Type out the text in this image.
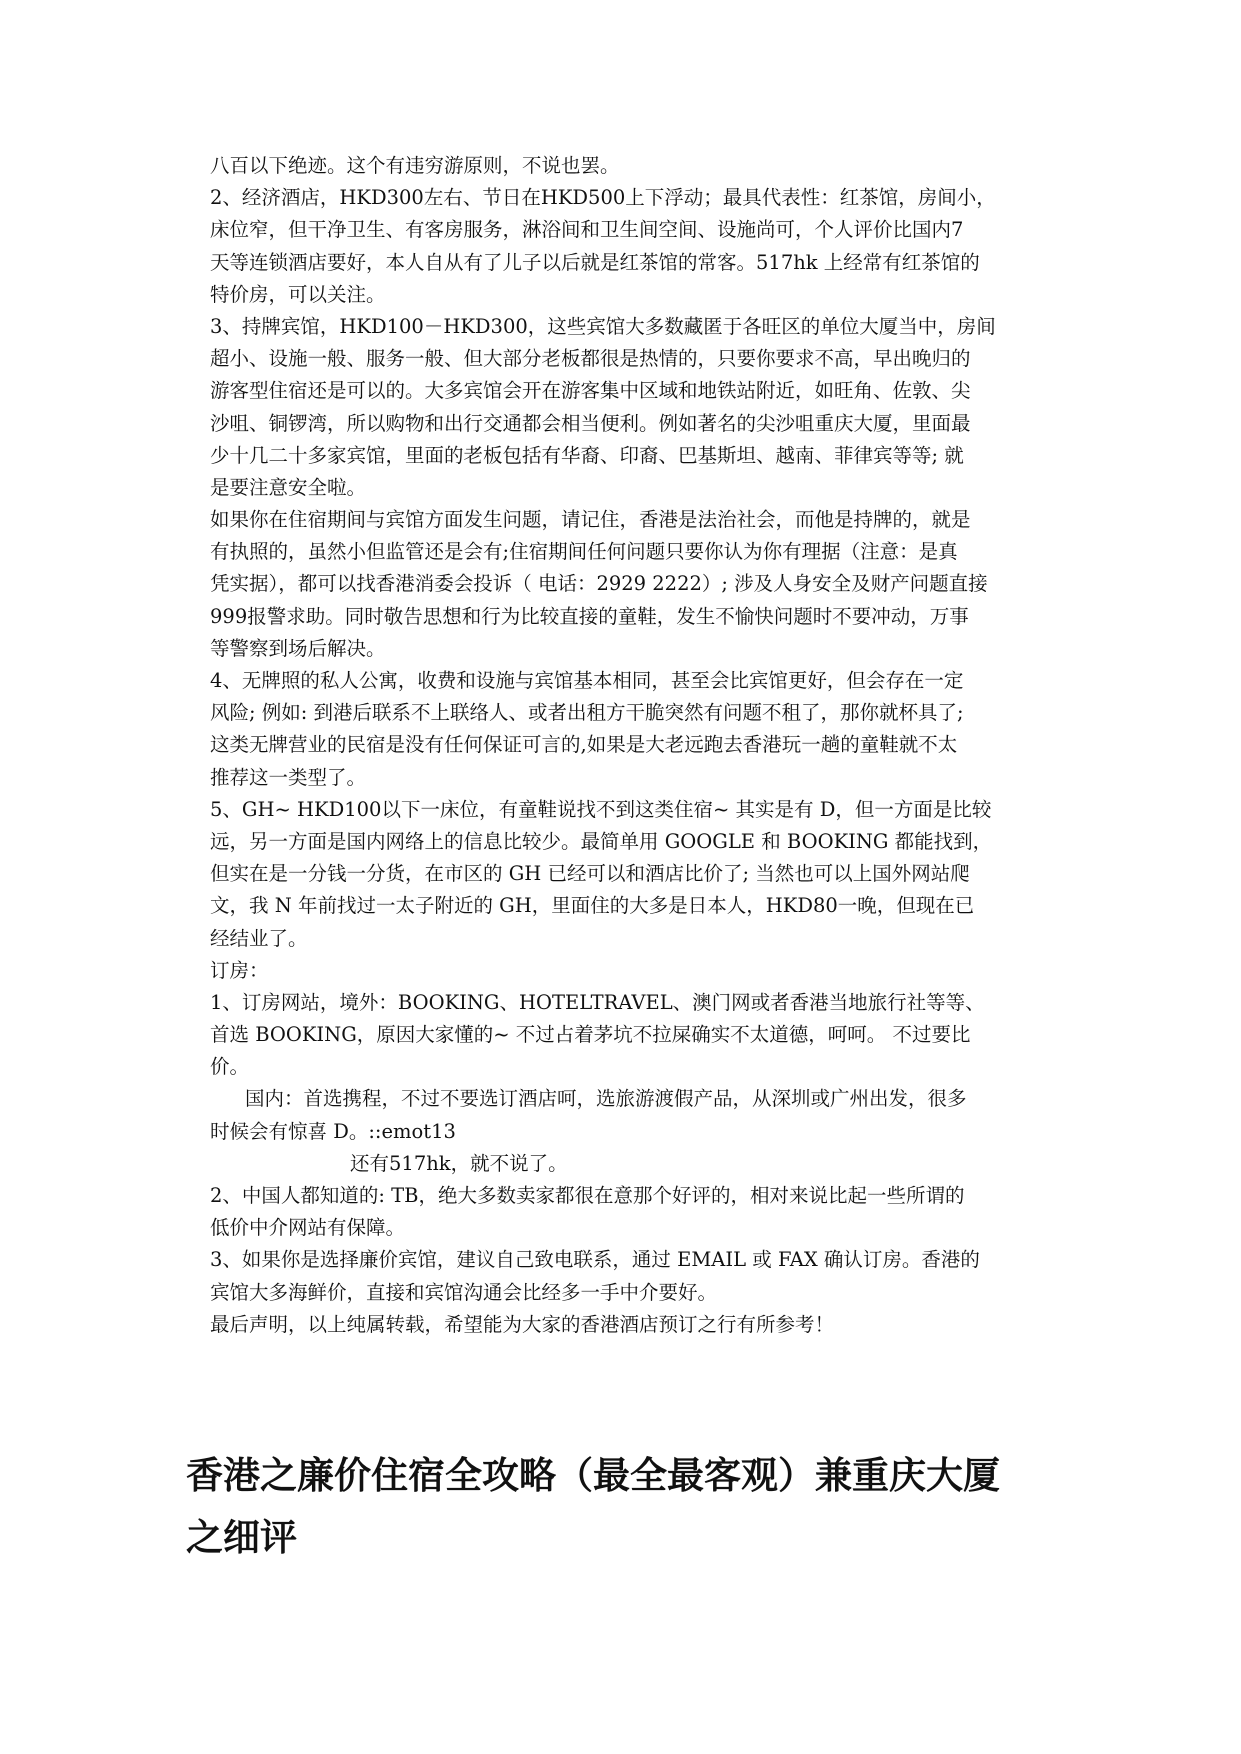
八百以下绝迹。这个有违穷游原则，不说也罢。
2、经济酒店，HKD300左右、节日在HKD500上下浮动；最具代表性：红茶馆，房间小，
床位窄，但干净卫生、有客房服务，淋浴间和卫生间空间、设施尚可，个人评价比国内7
天等连锁酒店要好，本人自从有了儿子以后就是红茶馆的常客。517hk 上经常有红茶馆的
特价房，可以关注。
3、持牌宾馆，HKD100－HKD300，这些宾馆大多数藏匿于各旺区的单位大厦当中，房间
超小、设施一般、服务一般、但大部分老板都很是热情的，只要你要求不高，早出晚归的
游客型住宿还是可以的。大多宾馆会开在游客集中区域和地铁站附近，如旺角、佐敦、尖
沙咀、铜锣湾，所以购物和出行交通都会相当便利。例如著名的尖沙咀重庆大厦，里面最
少十几二十多家宾馆，里面的老板包括有华裔、印裔、巴基斯坦、越南、菲律宾等等; 就
是要注意安全啦。
如果你在住宿期间与宾馆方面发生问题，请记住，香港是法治社会，而他是持牌的，就是
有执照的，虽然小但监管还是会有;住宿期间任何问题只要你认为你有理据（注意：是真
凭实据），都可以找香港消委会投诉（ 电话：2929 2222）; 涉及人身安全及财产问题直接
999报警求助。同时敬告思想和行为比较直接的童鞋，发生不愉快问题时不要冲动，万事
等警察到场后解决。
4、无牌照的私人公寓，收费和设施与宾馆基本相同，甚至会比宾馆更好，但会存在一定
风险; 例如: 到港后联系不上联络人、或者出租方干脆突然有问题不租了，那你就杯具了;
这类无牌营业的民宿是没有任何保证可言的,如果是大老远跑去香港玩一趟的童鞋就不太
推荐这一类型了。
5、GH~ HKD100以下一床位，有童鞋说找不到这类住宿~ 其实是有 D，但一方面是比较
远，另一方面是国内网络上的信息比较少。最简单用 GOOGLE 和 BOOKING 都能找到，
但实在是一分钱一分货，在市区的 GH 已经可以和酒店比价了; 当然也可以上国外网站爬
文，我 N 年前找过一太子附近的 GH，里面住的大多是日本人，HKD80一晚，但现在已
经结业了。
订房：
1、订房网站，境外：BOOKING、HOTELTRAVEL、澳门网或者香港当地旅行社等等、
首选 BOOKING，原因大家懂的~ 不过占着茅坑不拉屎确实不太道德，呵呵。 不过要比
价。
国内：首选携程，不过不要选订酒店呵，选旅游渡假产品，从深圳或广州出发，很多
时候会有惊喜 D。::emot13
还有517hk，就不说了。
2、中国人都知道的: TB，绝大多数卖家都很在意那个好评的，相对来说比起一些所谓的
低价中介网站有保障。
3、如果你是选择廉价宾馆，建议自己致电联系，通过 EMAIL 或 FAX 确认订房。香港的
宾馆大多海鲜价，直接和宾馆沟通会比经多一手中介要好。
最后声明，以上纯属转载，希望能为大家的香港酒店预订之行有所参考！
香港之廉价住宿全攻略（最全最客观）兼重庆大厦
之细评
